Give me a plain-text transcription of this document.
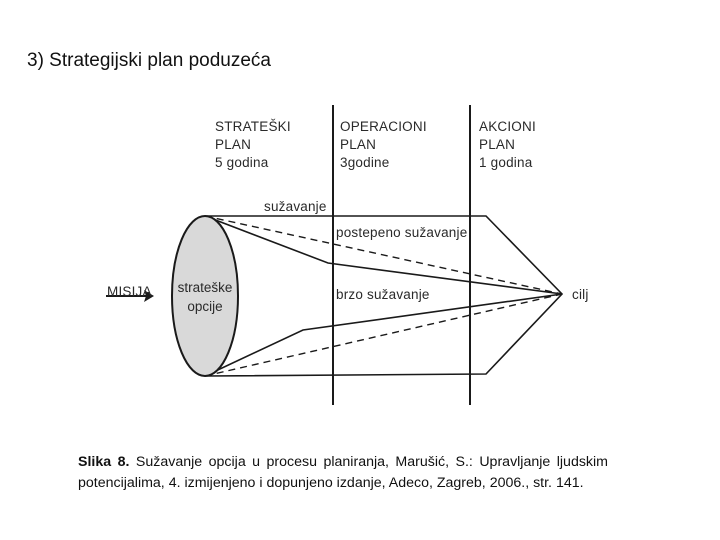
3) Strategijski plan poduzeća
STRATEŠKI
PLAN
5 godina
OPERACIONI
PLAN
3godine
AKCIONI
PLAN
1 godina
sužavanje
postepeno sužavanje
brzo sužavanje
MISIJA	cilj
strateške
opcije
Slika 8. Sužavanje opcija u procesu planiranja, Marušić, S.: Upravljanje ljudskim potencijalima, 4. izmijenjeno i dopunjeno izdanje, Adeco, Zagreb, 2006., str. 141.
